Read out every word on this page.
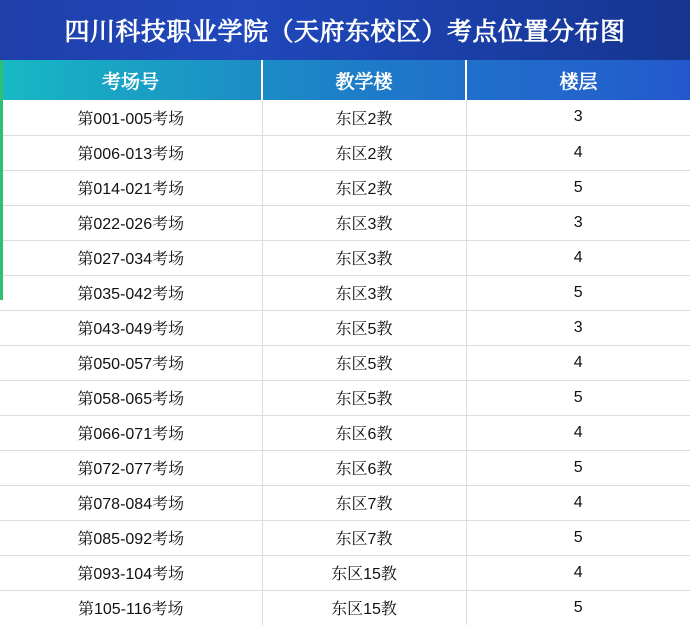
四川科技职业学院（天府东校区）考点位置分布图
考场号	教学楼	楼层
第001-005考场	东区2教	3
第006-013考场	东区2教	4
第014-021考场	东区2教	5
第022-026考场	东区3教	3
第027-034考场	东区3教	4
第035-042考场	东区3教	5
第043-049考场	东区5教	3
第050-057考场	东区5教	4
第058-065考场	东区5教	5
第066-071考场	东区6教	4
第072-077考场	东区6教	5
第078-084考场	东区7教	4
第085-092考场	东区7教	5
第093-104考场	东区15教	4
第105-116考场	东区15教	5
